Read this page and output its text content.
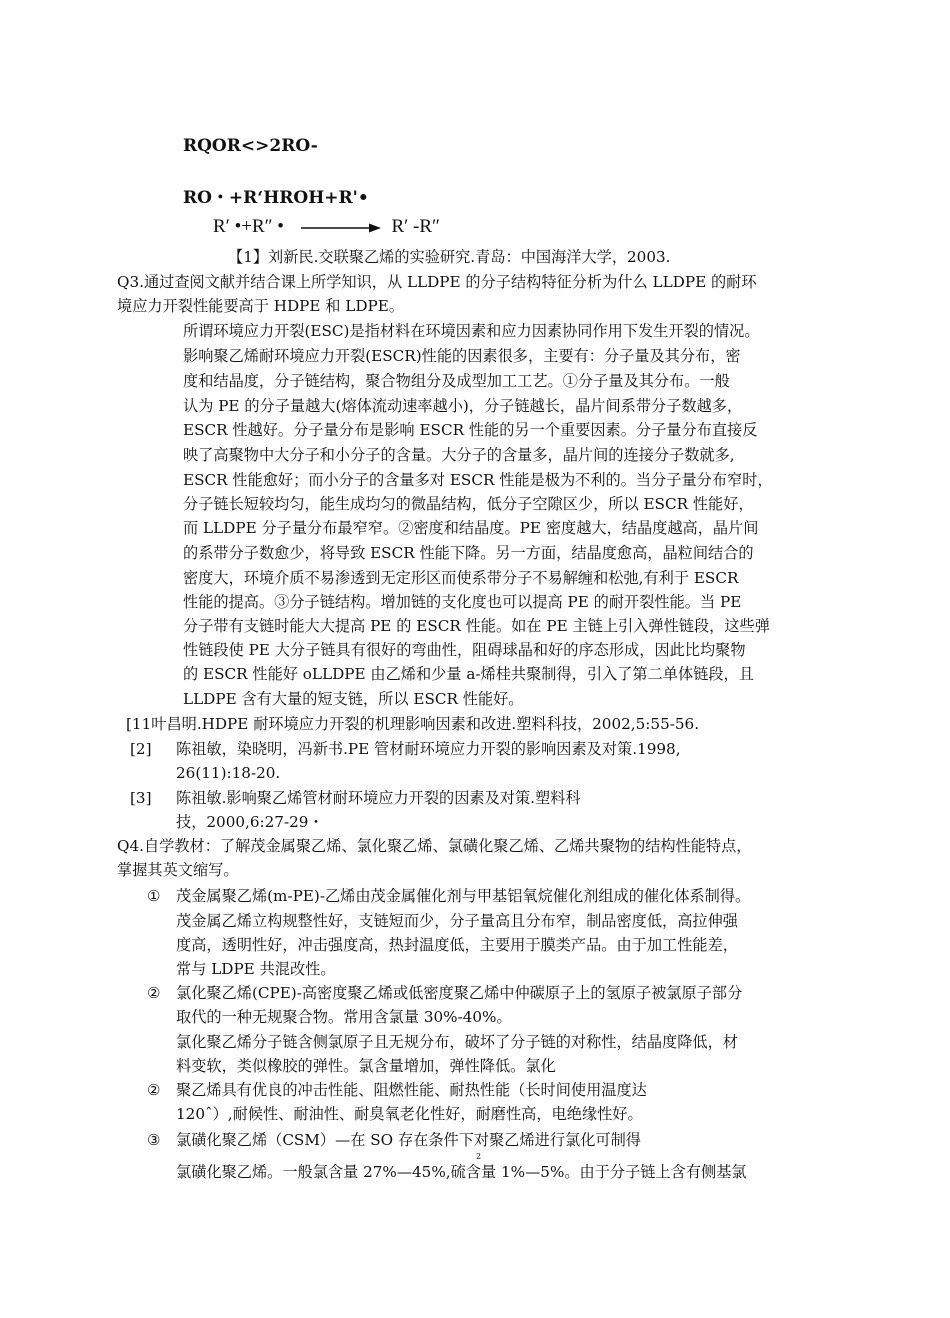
RQOR<>2RO-
RO・+R‘HROH+R'•
R′ •+R″ •	R′ -R″
【1】刘新民.交联聚乙烯的实验研究.青岛：中国海洋大学，2003.
Q3.通过查阅文献并结合课上所学知识，从 LLDPE 的分子结构特征分析为什么 LLDPE 的耐环
境应力开裂性能要高于 HDPE 和 LDPE。
所谓环境应力开裂(ESC)是指材料在环境因素和应力因素协同作用下发生开裂的情况。
影响聚乙烯耐环境应力开裂(ESCR)性能的因素很多，主要有：分子量及其分布，密
度和结晶度，分子链结构，聚合物组分及成型加工工艺。①分子量及其分布。一般
认为 PE 的分子量越大(熔体流动速率越小)，分子链越长，晶片间系带分子数越多，
ESCR 性越好。分子量分布是影响 ESCR 性能的另一个重要因素。分子量分布直接反
映了高聚物中大分子和小分子的含量。大分子的含量多，晶片间的连接分子数就多,
ESCR 性能愈好；而小分子的含量多对 ESCR 性能是极为不利的。当分子量分布窄时，
分子链长短较均匀，能生成均匀的微晶结构，低分子空隙区少，所以 ESCR 性能好，
而 LLDPE 分子量分布最窄窄。②密度和结晶度。PE 密度越大，结晶度越高，晶片间
的系带分子数愈少，将导致 ESCR 性能下降。另一方面，结晶度愈高，晶粒间结合的
密度大，环境介质不易渗透到无定形区而使系带分子不易解缠和松弛,有利于 ESCR
性能的提高。③分子链结构。增加链的支化度也可以提高 PE 的耐开裂性能。当 PE
分子带有支链时能大大提高 PE 的 ESCR 性能。如在 PE 主链上引入弹性链段，这些弹
性链段使 PE 大分子链具有很好的弯曲性，阻碍球晶和好的序态形成，因此比均聚物
的 ESCR 性能好 oLLDPE 由乙烯和少量 a-烯桂共聚制得，引入了第二单体链段，且
LLDPE 含有大量的短支链，所以 ESCR 性能好。
[11叶昌明.HDPE 耐环境应力开裂的机理影响因素和改进.塑料科技，2002,5:55-56.
[2] 陈祖敏，染晓明，冯新书.PE 管材耐环境应力开裂的影响因素及对策.1998,
26(11):18-20.
[3] 陈祖敏.影响聚乙烯管材耐环境应力开裂的因素及对策.塑料科
技，2000,6:27-29・
Q4.自学教材：了解茂金属聚乙烯、氯化聚乙烯、氯磺化聚乙烯、乙烯共聚物的结构性能特点，
掌握其英文缩写。
① 茂金属聚乙烯(m-PE)-乙烯由茂金属催化剂与甲基铝氧烷催化剂组成的催化体系制得。
茂金属乙烯立构规整性好，支链短而少，分子量高且分布窄，制品密度低，高拉伸强
度高，透明性好，冲击强度高，热封温度低，主要用于膜类产品。由于加工性能差，
常与 LDPE 共混改性。
② 氯化聚乙烯(CPE)-高密度聚乙烯或低密度聚乙烯中仲碳原子上的氢原子被氯原子部分
取代的一种无规聚合物。常用含氯量 30%-40%。
氯化聚乙烯分子链含侧氯原子且无规分布，破坏了分子链的对称性，结晶度降低，材
料变软，类似橡胶的弹性。氯含量增加，弹性降低。氯化
② 聚乙烯具有优良的冲击性能、阻燃性能、耐热性能（长时间使用温度达
120ˆ）,耐候性、耐油性、耐臭氧老化性好，耐磨性高，电绝缘性好。
③ 氯磺化聚乙烯（CSM）—在 SO 存在条件下对聚乙烯进行氯化可制得
2
氯磺化聚乙烯。一般氯含量 27%—45%,硫含量 1%—5%。由于分子链上含有侧基氯
